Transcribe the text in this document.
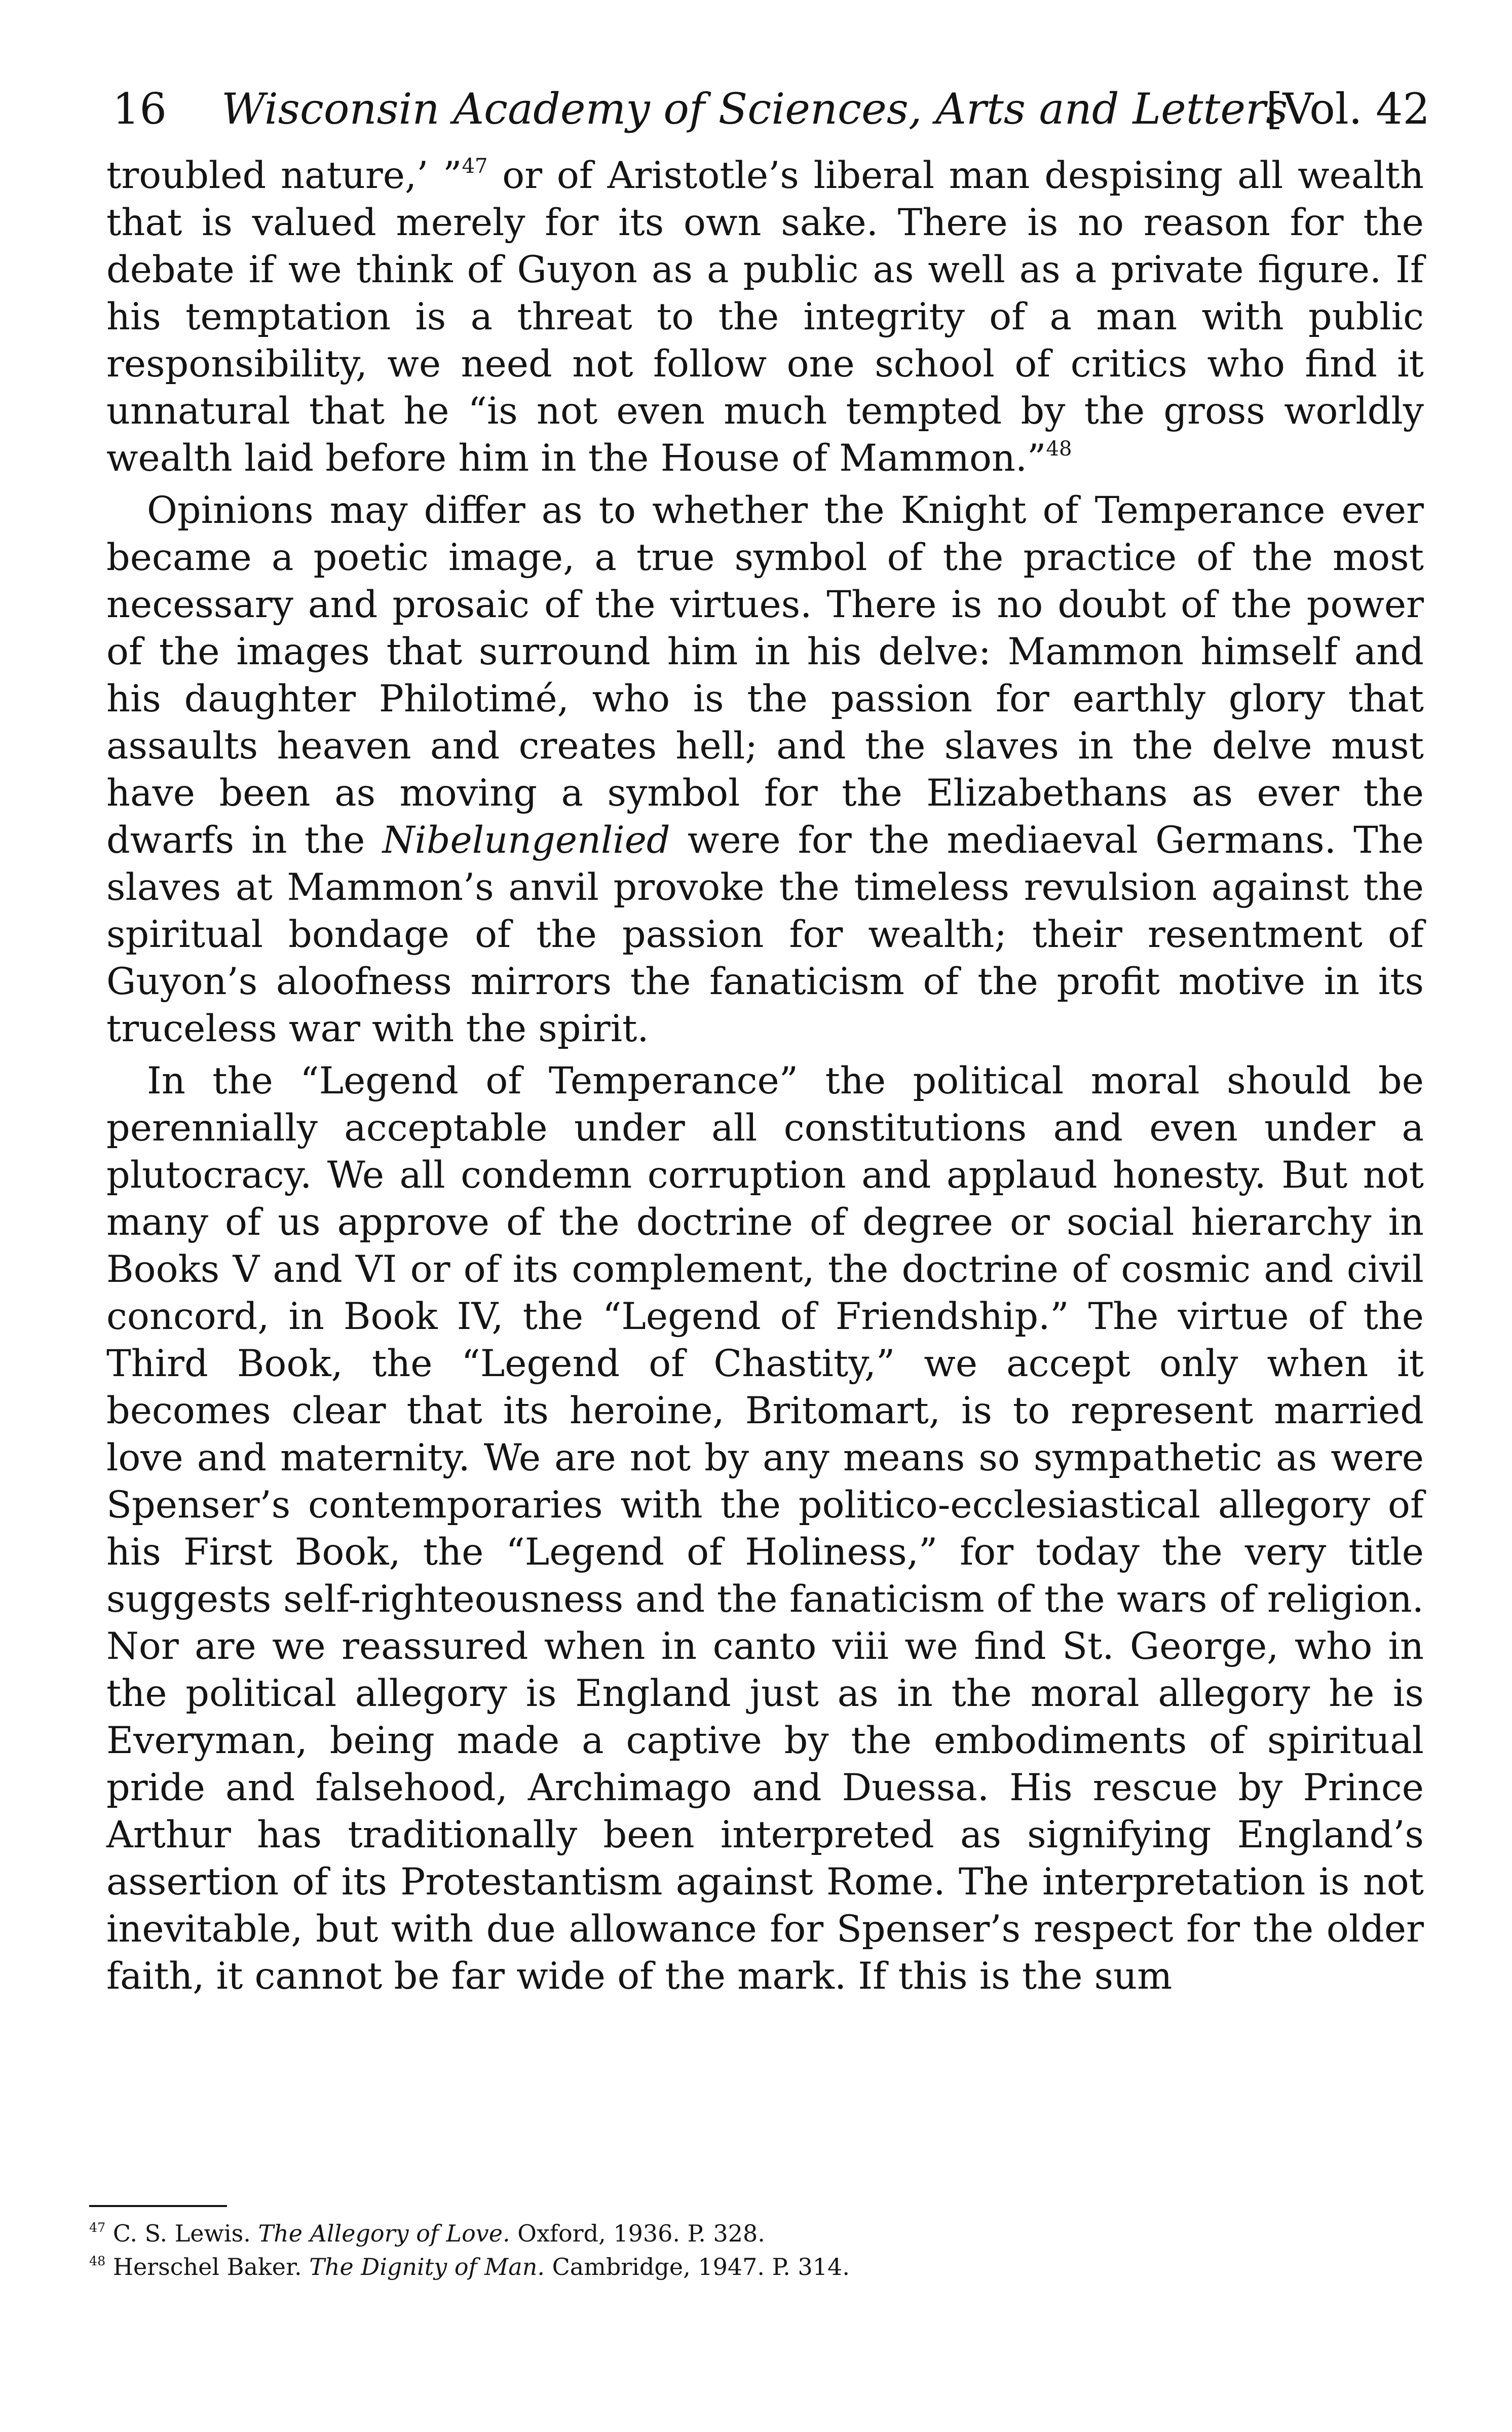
16 Wisconsin Academy of Sciences, Arts and Letters
[Vol. 42

troubled nature,’ ”$^{47}$ or of Aristotle’s liberal man despising all wealth that is valued merely for its own sake. There is no reason for the debate if we think of Guyon as a public as well as a private figure. If his temptation is a threat to the integrity of a man with public responsibility, we need not follow one school of critics who find it unnatural that he “is not even much tempted by the gross worldly wealth laid before him in the House of Mammon.”$^{48}$

Opinions may differ as to whether the Knight of Temperance ever became a poetic image, a true symbol of the practice of the most necessary and prosaic of the virtues. There is no doubt of the power of the images that surround him in his delve: Mammon himself and his daughter Philotimé, who is the passion for earthly glory that assaults heaven and creates hell; and the slaves in the delve must have been as moving a symbol for the Elizabethans as ever the dwarfs in the Nibelungenlied were for the mediaeval Germans. The slaves at Mammon’s anvil provoke the timeless revulsion against the spiritual bondage of the passion for wealth; their resentment of Guyon’s aloofness mirrors the fanaticism of the profit motive in its truceless war with the spirit.

In the “Legend of Temperance” the political moral should be perennially acceptable under all constitutions and even under a plutocracy. We all condemn corruption and applaud honesty. But not many of us approve of the doctrine of degree or social hierarchy in Books V and VI or of its complement, the doctrine of cosmic and civil concord, in Book IV, the “Legend of Friendship.” The virtue of the Third Book, the “Legend of Chastity,” we accept only when it becomes clear that its heroine, Britomart, is to represent married love and maternity. We are not by any means so sympathetic as were Spenser’s contemporaries with the politico-ecclesiastical allegory of his First Book, the “Legend of Holiness,” for today the very title suggests self-righteousness and the fanaticism of the wars of religion. Nor are we reassured when in canto viii we find St. George, who in the political allegory is England just as in the moral allegory he is Everyman, being made a captive by the embodiments of spiritual pride and falsehood, Archimago and Duessa. His rescue by Prince Arthur has traditionally been interpreted as signifying England’s assertion of its Protestantism against Rome. The interpretation is not inevitable, but with due allowance for Spenser’s respect for the older faith, it cannot be far wide of the mark. If this is the sum

$^{47}$ C. S. Lewis. The Allegory of Love. Oxford, 1936. P. 328.
$^{48}$ Herschel Baker. The Dignity of Man. Cambridge, 1947. P. 314.
